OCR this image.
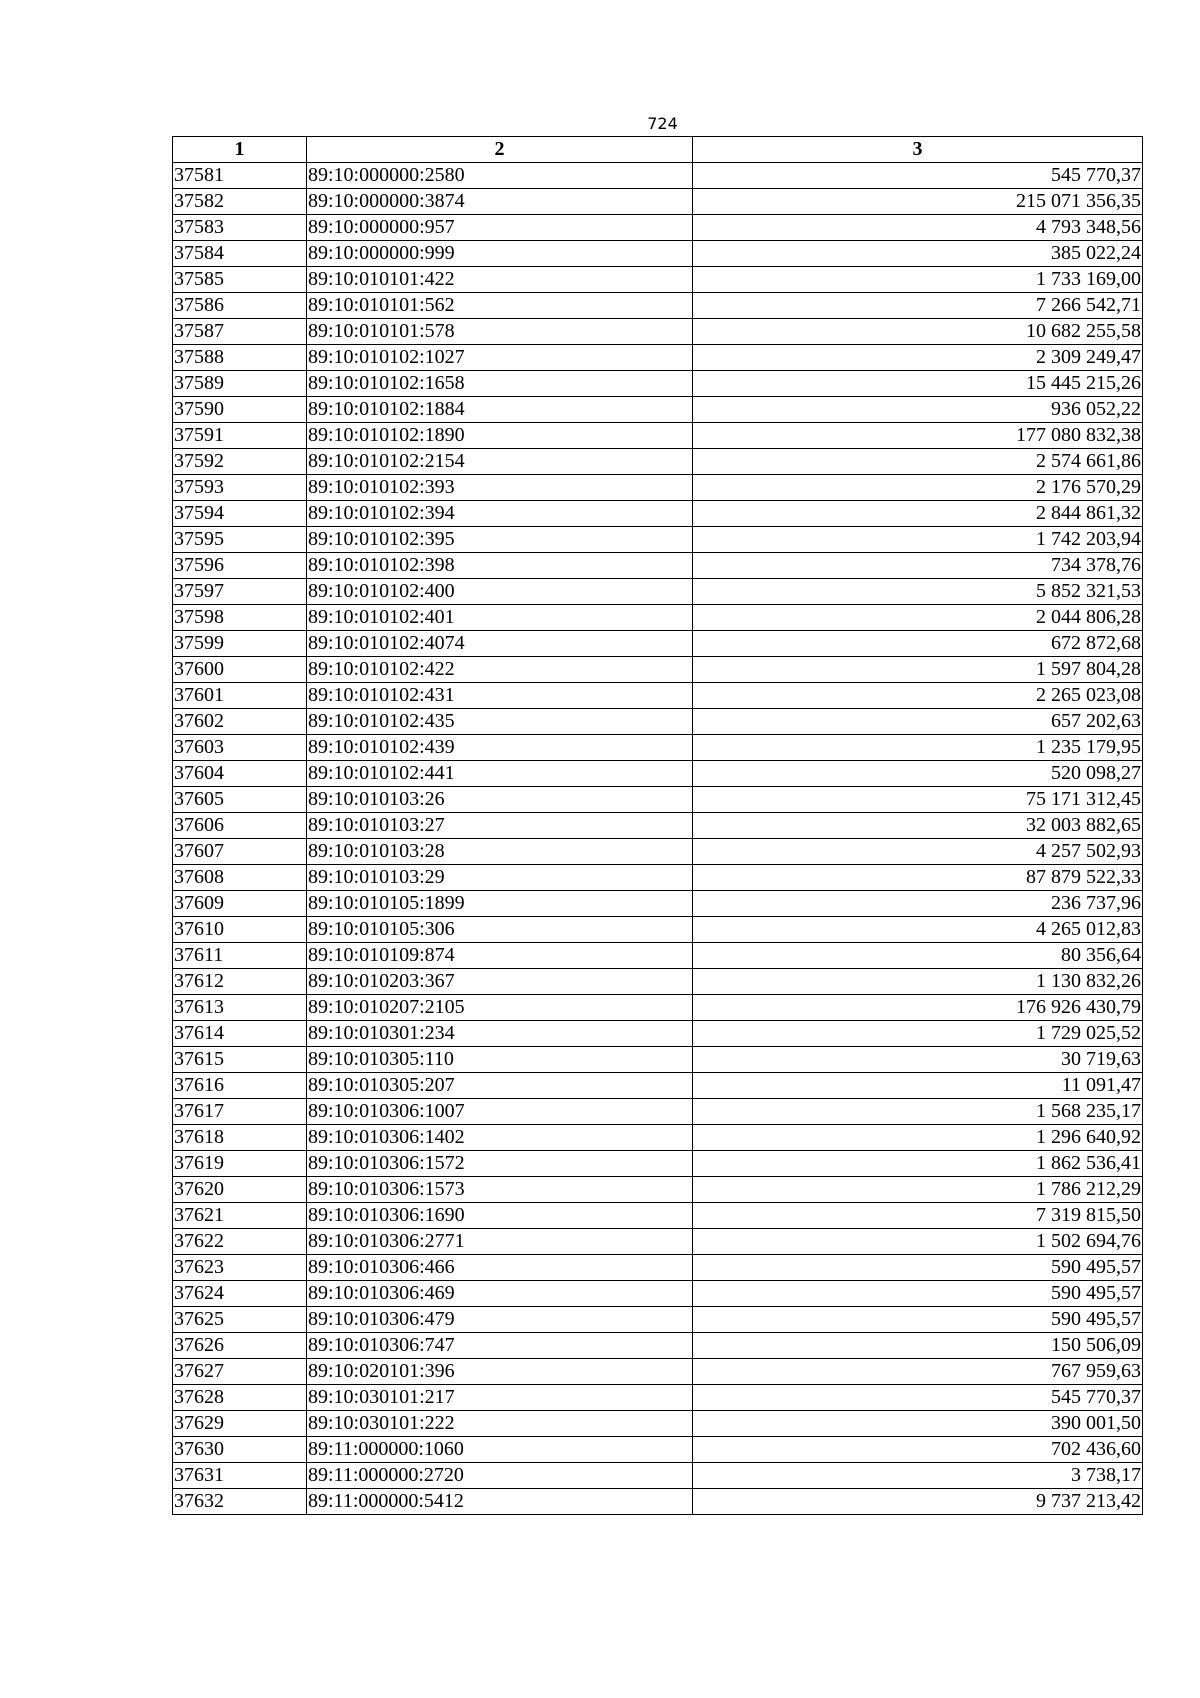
724
1	2	3
37581	89:10:000000:2580	545 770,37
37582	89:10:000000:3874	215 071 356,35
37583	89:10:000000:957	4 793 348,56
37584	89:10:000000:999	385 022,24
37585	89:10:010101:422	1 733 169,00
37586	89:10:010101:562	7 266 542,71
37587	89:10:010101:578	10 682 255,58
37588	89:10:010102:1027	2 309 249,47
37589	89:10:010102:1658	15 445 215,26
37590	89:10:010102:1884	936 052,22
37591	89:10:010102:1890	177 080 832,38
37592	89:10:010102:2154	2 574 661,86
37593	89:10:010102:393	2 176 570,29
37594	89:10:010102:394	2 844 861,32
37595	89:10:010102:395	1 742 203,94
37596	89:10:010102:398	734 378,76
37597	89:10:010102:400	5 852 321,53
37598	89:10:010102:401	2 044 806,28
37599	89:10:010102:4074	672 872,68
37600	89:10:010102:422	1 597 804,28
37601	89:10:010102:431	2 265 023,08
37602	89:10:010102:435	657 202,63
37603	89:10:010102:439	1 235 179,95
37604	89:10:010102:441	520 098,27
37605	89:10:010103:26	75 171 312,45
37606	89:10:010103:27	32 003 882,65
37607	89:10:010103:28	4 257 502,93
37608	89:10:010103:29	87 879 522,33
37609	89:10:010105:1899	236 737,96
37610	89:10:010105:306	4 265 012,83
37611	89:10:010109:874	80 356,64
37612	89:10:010203:367	1 130 832,26
37613	89:10:010207:2105	176 926 430,79
37614	89:10:010301:234	1 729 025,52
37615	89:10:010305:110	30 719,63
37616	89:10:010305:207	11 091,47
37617	89:10:010306:1007	1 568 235,17
37618	89:10:010306:1402	1 296 640,92
37619	89:10:010306:1572	1 862 536,41
37620	89:10:010306:1573	1 786 212,29
37621	89:10:010306:1690	7 319 815,50
37622	89:10:010306:2771	1 502 694,76
37623	89:10:010306:466	590 495,57
37624	89:10:010306:469	590 495,57
37625	89:10:010306:479	590 495,57
37626	89:10:010306:747	150 506,09
37627	89:10:020101:396	767 959,63
37628	89:10:030101:217	545 770,37
37629	89:10:030101:222	390 001,50
37630	89:11:000000:1060	702 436,60
37631	89:11:000000:2720	3 738,17
37632	89:11:000000:5412	9 737 213,42
